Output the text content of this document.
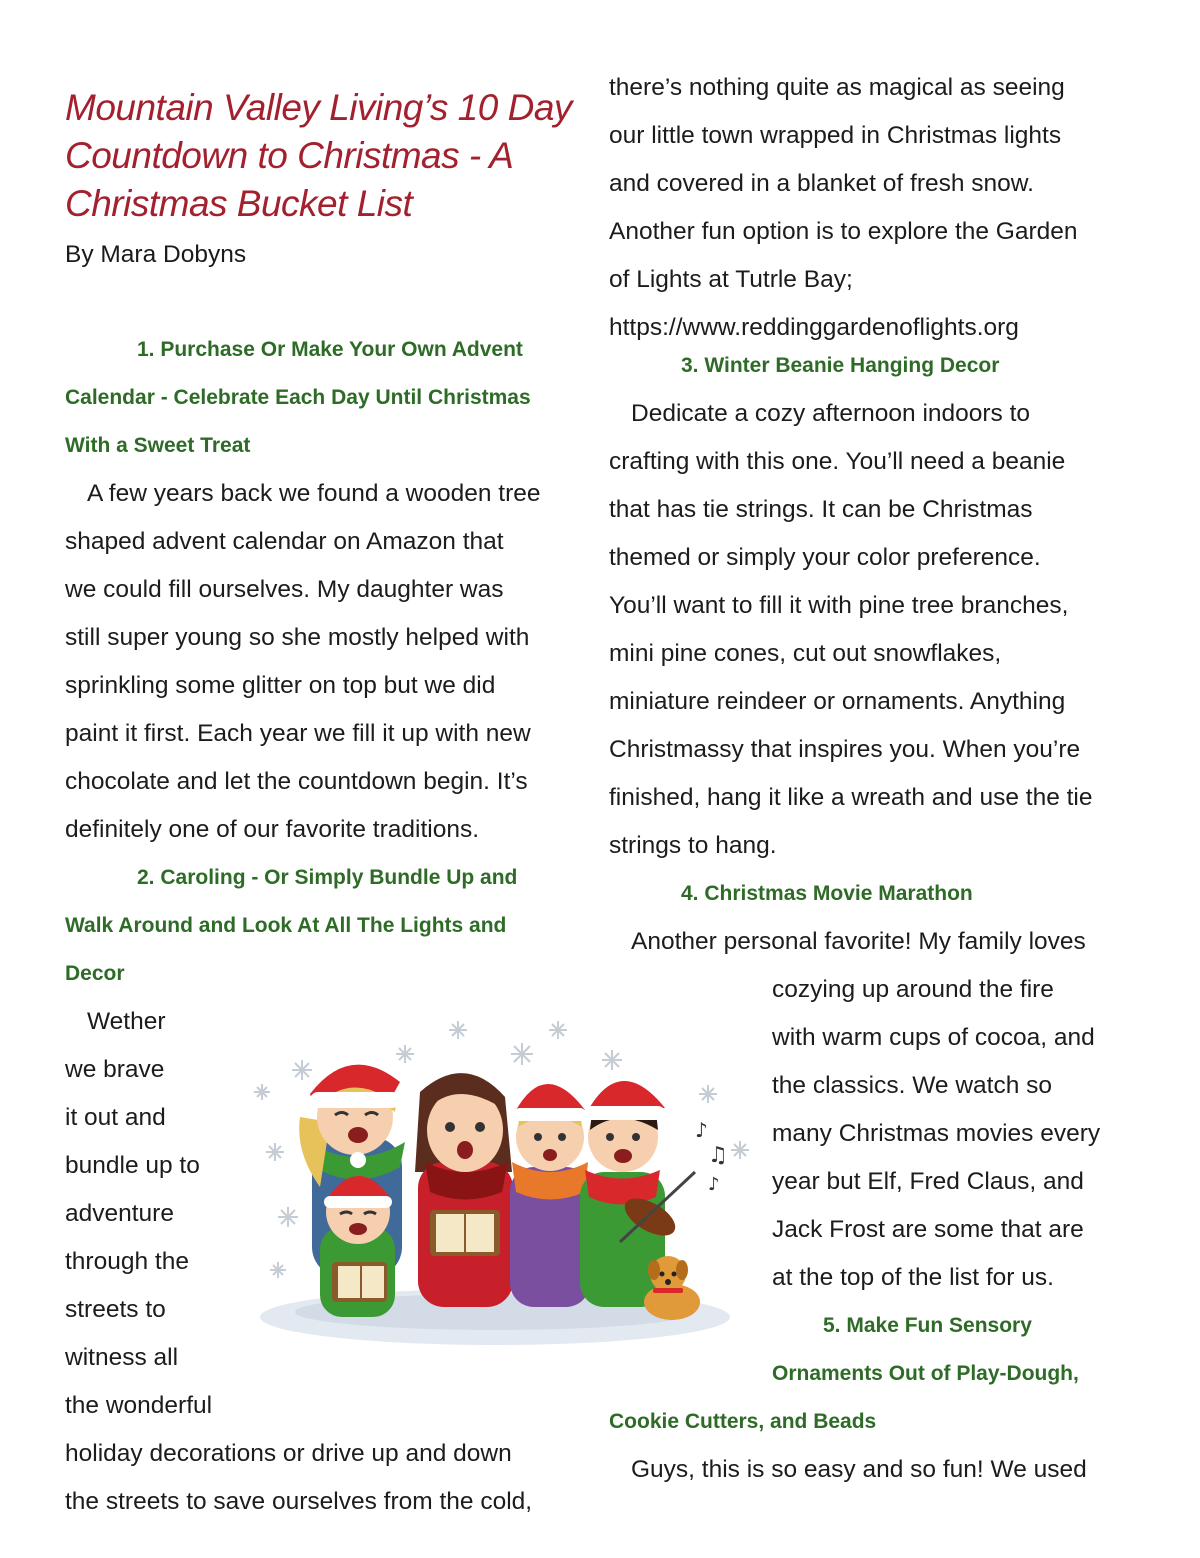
Mountain Valley Living’s 10 Day
Countdown to Christmas - A
Christmas Bucket List
By Mara Dobyns
1. Purchase Or Make Your Own Advent
Calendar - Celebrate Each Day Until Christmas
With a Sweet Treat
A few years back we found a wooden tree
shaped advent calendar on Amazon that
we could fill ourselves. My daughter was
still super young so she mostly helped with
sprinkling some glitter on top but we did
paint it first. Each year we fill it up with new
chocolate and let the countdown begin. It’s
definitely one of our favorite traditions.
2. Caroling - Or Simply Bundle Up and
Walk Around and Look At All The Lights and
Decor
Wether
we brave
it out and
bundle up to
adventure
through the
streets to
witness all
the wonderful
holiday decorations or drive up and down
the streets to save ourselves from the cold,
there’s nothing quite as magical as seeing
our little town wrapped in Christmas lights
and covered in a blanket of fresh snow.
Another fun option is to explore the Garden
of Lights at Tutrle Bay;
https://www.reddinggardenoflights.org
3. Winter Beanie Hanging Decor
Dedicate a cozy afternoon indoors to
crafting with this one. You’ll need a beanie
that has tie strings. It can be Christmas
themed or simply your color preference.
You’ll want to fill it with pine tree branches,
mini pine cones, cut out snowflakes,
miniature reindeer or ornaments. Anything
Christmassy that inspires you. When you’re
finished, hang it like a wreath and use the tie
strings to hang.
4. Christmas Movie Marathon
Another personal favorite! My family loves
cozying up around the fire
with warm cups of cocoa, and
the classics. We watch so
many Christmas movies every
year but Elf, Fred Claus, and
Jack Frost are some that are
at the top of the list for us.
5. Make Fun Sensory
Ornaments Out of Play-Dough,
Cookie Cutters, and Beads
Guys, this is so easy and so fun! We used
♪
♫
♪
